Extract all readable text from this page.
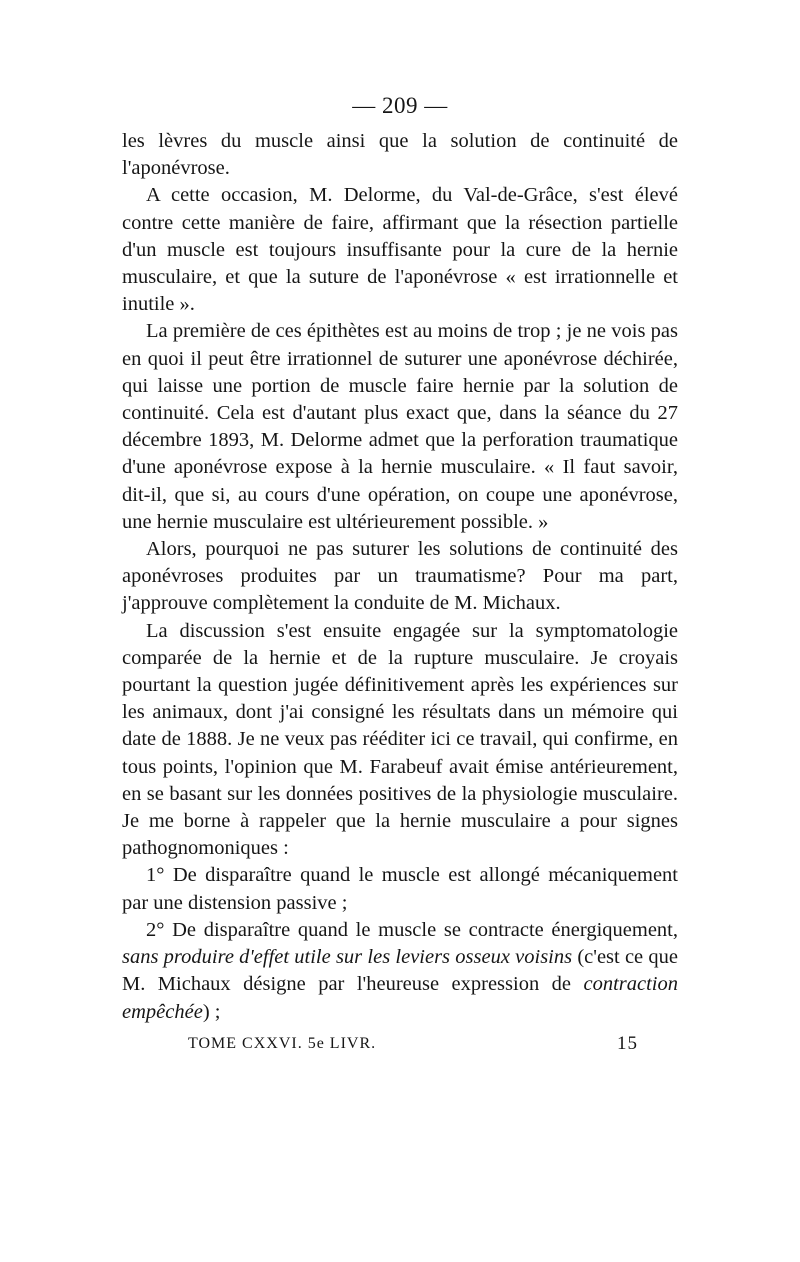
— 209 —

les lèvres du muscle ainsi que la solution de continuité de l'aponévrose.

A cette occasion, M. Delorme, du Val-de-Grâce, s'est élevé contre cette manière de faire, affirmant que la résection partielle d'un muscle est toujours insuffisante pour la cure de la hernie musculaire, et que la suture de l'aponévrose « est irrationnelle et inutile ».

La première de ces épithètes est au moins de trop ; je ne vois pas en quoi il peut être irrationnel de suturer une aponévrose déchirée, qui laisse une portion de muscle faire hernie par la solution de continuité. Cela est d'autant plus exact que, dans la séance du 27 décembre 1893, M. Delorme admet que la perforation traumatique d'une aponévrose expose à la hernie musculaire. « Il faut savoir, dit-il, que si, au cours d'une opération, on coupe une aponévrose, une hernie musculaire est ultérieurement possible. »

Alors, pourquoi ne pas suturer les solutions de continuité des aponévroses produites par un traumatisme? Pour ma part, j'approuve complètement la conduite de M. Michaux.

La discussion s'est ensuite engagée sur la symptomatologie comparée de la hernie et de la rupture musculaire. Je croyais pourtant la question jugée définitivement après les expériences sur les animaux, dont j'ai consigné les résultats dans un mémoire qui date de 1888. Je ne veux pas rééditer ici ce travail, qui confirme, en tous points, l'opinion que M. Farabeuf avait émise antérieurement, en se basant sur les données positives de la physiologie musculaire. Je me borne à rappeler que la hernie musculaire a pour signes pathognomoniques :

1° De disparaître quand le muscle est allongé mécaniquement par une distension passive ;

2° De disparaître quand le muscle se contracte énergiquement, sans produire d'effet utile sur les leviers osseux voisins (c'est ce que M. Michaux désigne par l'heureuse expression de contraction empêchée) ;

TOME CXXVI. 5e LIVR.	15
